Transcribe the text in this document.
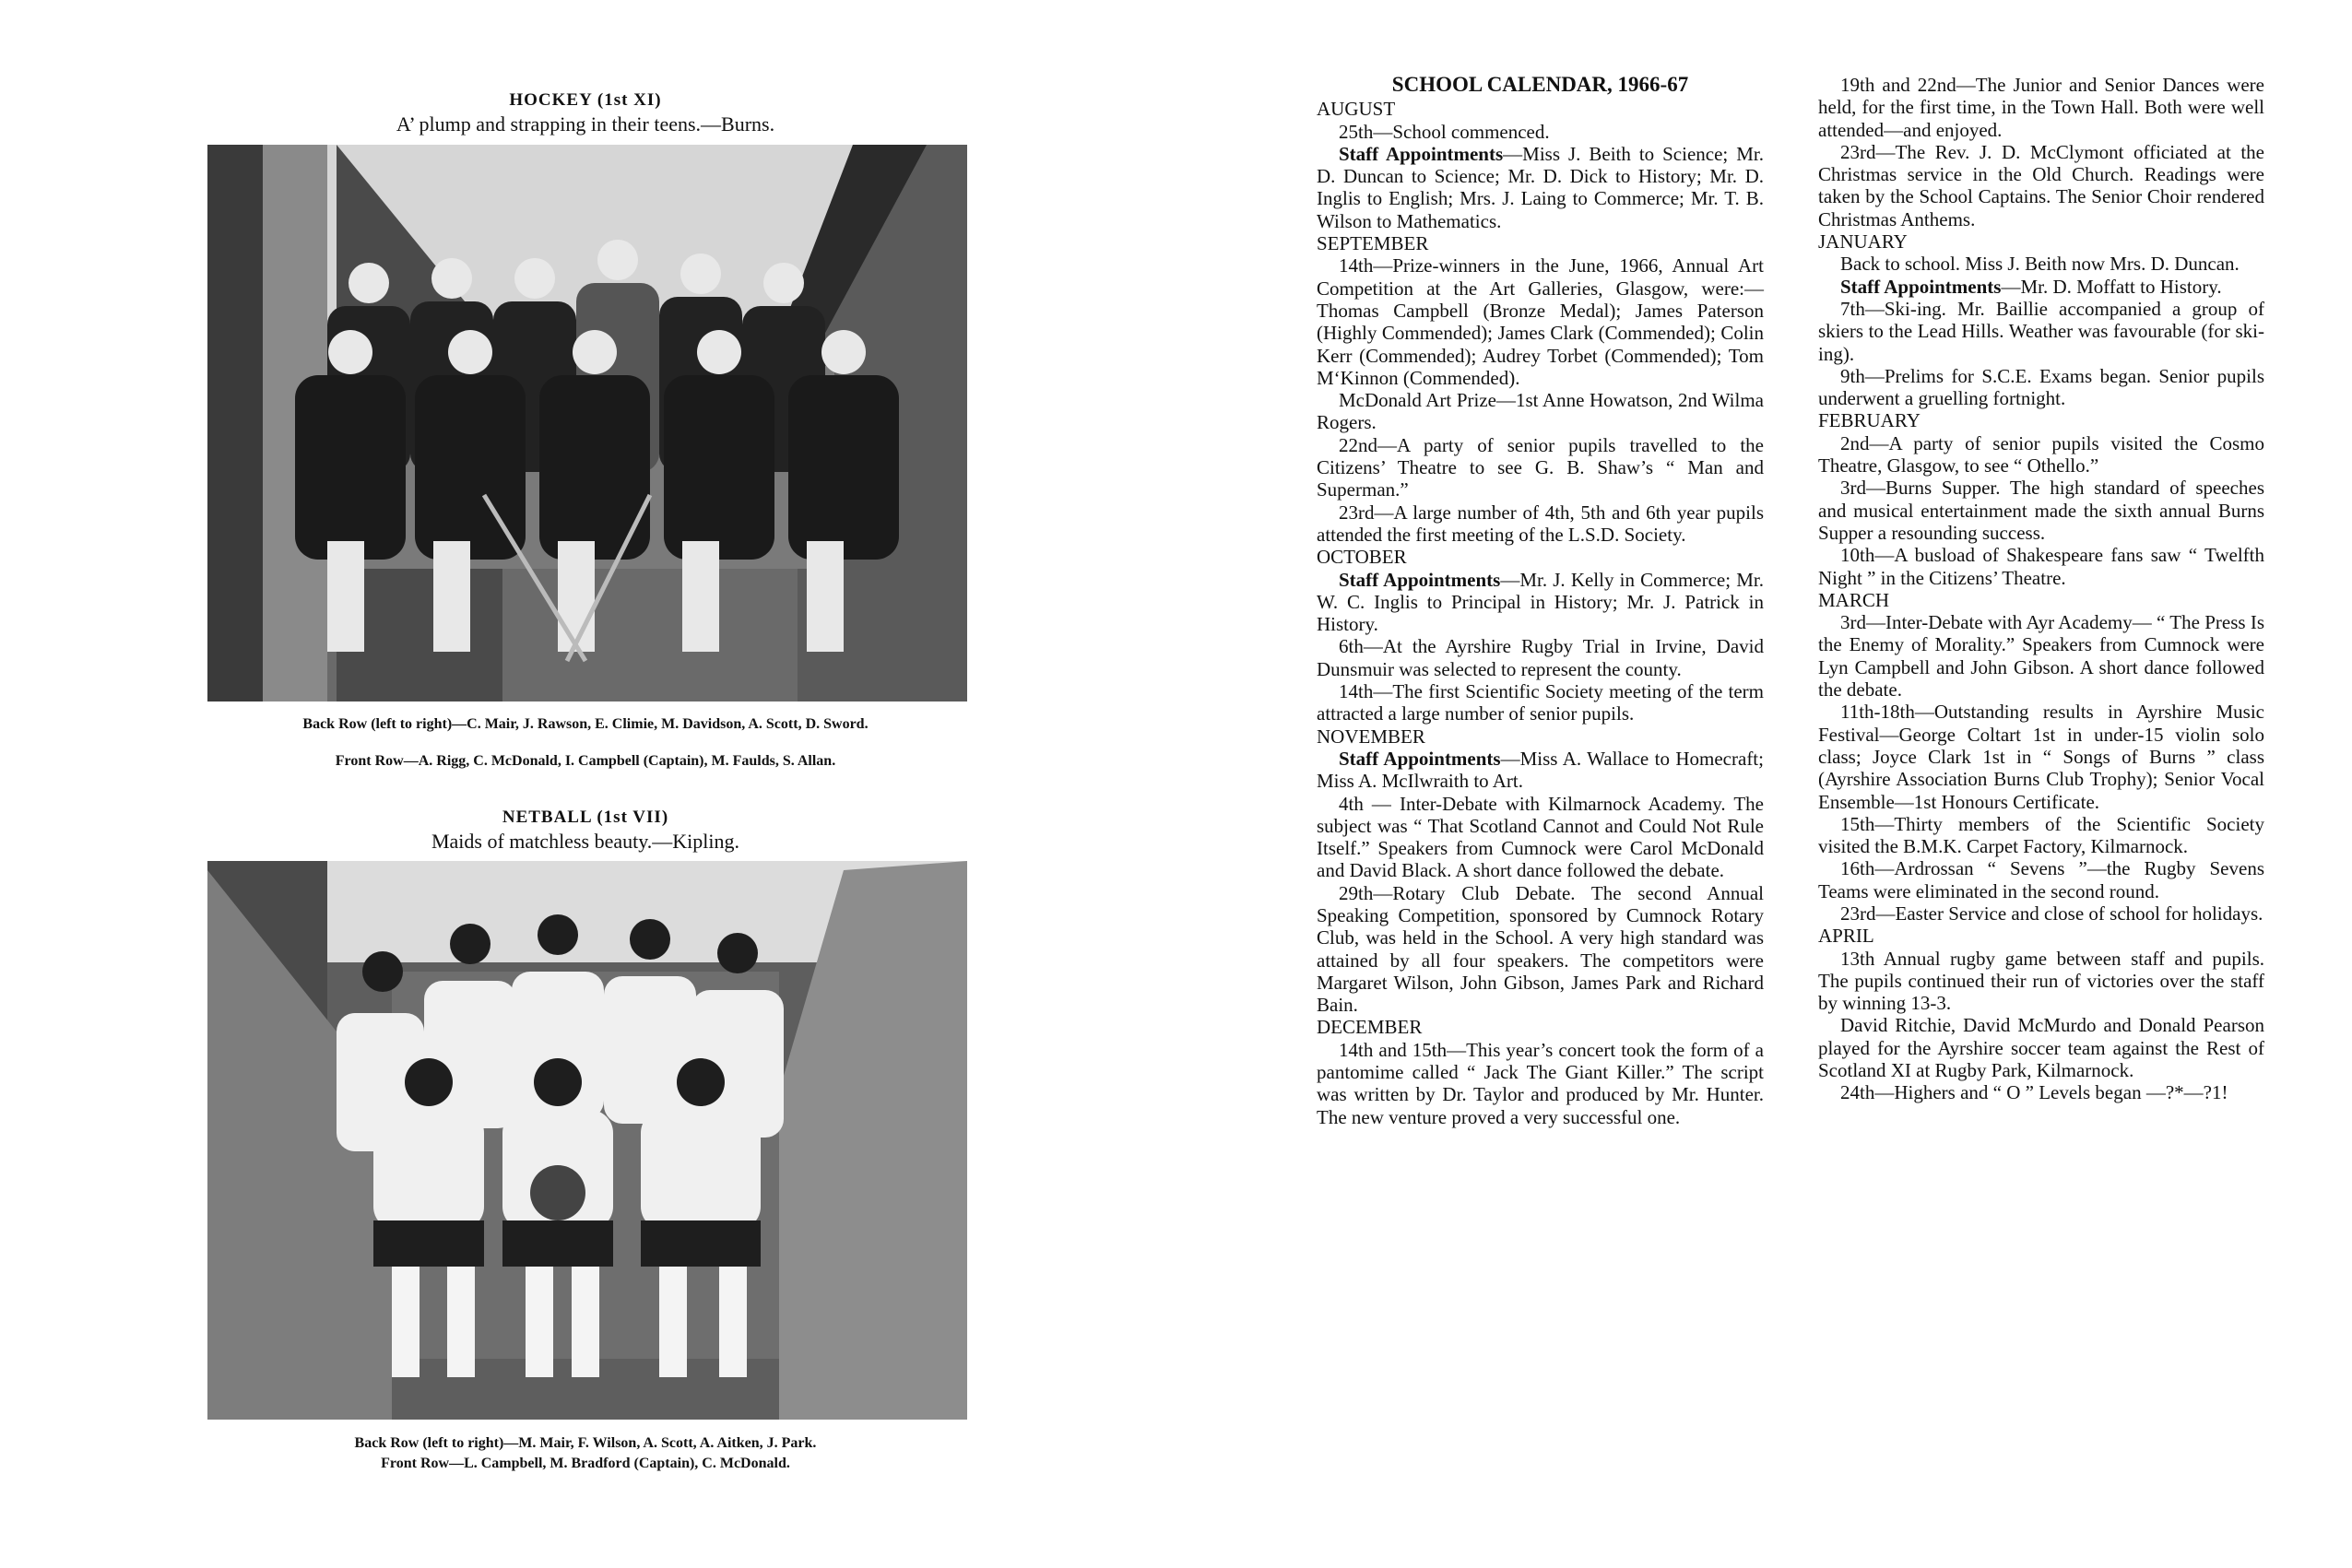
HOCKEY (1st XI)
A’ plump and strapping in their teens.—Burns.
Back Row (left to right)—C. Mair, J. Rawson, E. Climie, M. Davidson, A. Scott, D. Sword.
Front Row—A. Rigg, C. McDonald, I. Campbell (Captain), M. Faulds, S. Allan.
NETBALL (1st VII)
Maids of matchless beauty.—Kipling.
Back Row (left to right)—M. Mair, F. Wilson, A. Scott, A. Aitken, J. Park.
Front Row—L. Campbell, M. Bradford (Captain), C. McDonald.
SCHOOL CALENDAR, 1966-67
AUGUST
25th—School commenced.
Staff Appointments—Miss J. Beith to Science; Mr. D. Duncan to Science; Mr. D. Dick to History; Mr. D. Inglis to English; Mrs. J. Laing to Commerce; Mr. T. B. Wilson to Mathematics.
SEPTEMBER
14th—Prize-winners in the June, 1966, Annual Art Competition at the Art Galleries, Glasgow, were:—Thomas Campbell (Bronze Medal); James Paterson (Highly Commended); James Clark (Commended); Colin Kerr (Commended); Audrey Torbet (Commended); Tom M‘Kinnon (Commended).
McDonald Art Prize—1st Anne Howatson, 2nd Wilma Rogers.
22nd—A party of senior pupils travelled to the Citizens’ Theatre to see G. B. Shaw’s “ Man and Superman.”
23rd—A large number of 4th, 5th and 6th year pupils attended the first meeting of the L.S.D. Society.
OCTOBER
Staff Appointments—Mr. J. Kelly in Commerce; Mr. W. C. Inglis to Principal in History; Mr. J. Patrick in History.
6th—At the Ayrshire Rugby Trial in Irvine, David Dunsmuir was selected to represent the county.
14th—The first Scientific Society meeting of the term attracted a large number of senior pupils.
NOVEMBER
Staff Appointments—Miss A. Wallace to Homecraft; Miss A. McIlwraith to Art.
4th — Inter-Debate with Kilmarnock Academy. The subject was “ That Scotland Cannot and Could Not Rule Itself.” Speakers from Cumnock were Carol McDonald and David Black. A short dance followed the debate.
29th—Rotary Club Debate. The second Annual Speaking Competition, sponsored by Cumnock Rotary Club, was held in the School. A very high standard was attained by all four speakers. The competitors were Margaret Wilson, John Gibson, James Park and Richard Bain.
DECEMBER
14th and 15th—This year’s concert took the form of a pantomime called “ Jack The Giant Killer.” The script was written by Dr. Taylor and produced by Mr. Hunter. The new venture proved a very successful one.
19th and 22nd—The Junior and Senior Dances were held, for the first time, in the Town Hall. Both were well attended—and enjoyed.
23rd—The Rev. J. D. McClymont officiated at the Christmas service in the Old Church. Readings were taken by the School Captains. The Senior Choir rendered Christmas Anthems.
JANUARY
Back to school. Miss J. Beith now Mrs. D. Duncan.
Staff Appointments—Mr. D. Moffatt to History.
7th—Ski-ing. Mr. Baillie accompanied a group of skiers to the Lead Hills. Weather was favourable (for ski-ing).
9th—Prelims for S.C.E. Exams began. Senior pupils underwent a gruelling fortnight.
FEBRUARY
2nd—A party of senior pupils visited the Cosmo Theatre, Glasgow, to see “ Othello.”
3rd—Burns Supper. The high standard of speeches and musical entertainment made the sixth annual Burns Supper a resounding success.
10th—A busload of Shakespeare fans saw “ Twelfth Night ” in the Citizens’ Theatre.
MARCH
3rd—Inter-Debate with Ayr Academy— “ The Press Is the Enemy of Morality.” Speakers from Cumnock were Lyn Campbell and John Gibson. A short dance followed the debate.
11th-18th—Outstanding results in Ayrshire Music Festival—George Coltart 1st in under-15 violin solo class; Joyce Clark 1st in “ Songs of Burns ” class (Ayrshire Association Burns Club Trophy); Senior Vocal Ensemble—1st Honours Certificate.
15th—Thirty members of the Scientific Society visited the B.M.K. Carpet Factory, Kilmarnock.
16th—Ardrossan “ Sevens ”—the Rugby Sevens Teams were eliminated in the second round.
23rd—Easter Service and close of school for holidays.
APRIL
13th Annual rugby game between staff and pupils. The pupils continued their run of victories over the staff by winning 13-3.
David Ritchie, David McMurdo and Donald Pearson played for the Ayrshire soccer team against the Rest of Scotland XI at Rugby Park, Kilmarnock.
24th—Highers and “ O ” Levels began —?*—?1!
